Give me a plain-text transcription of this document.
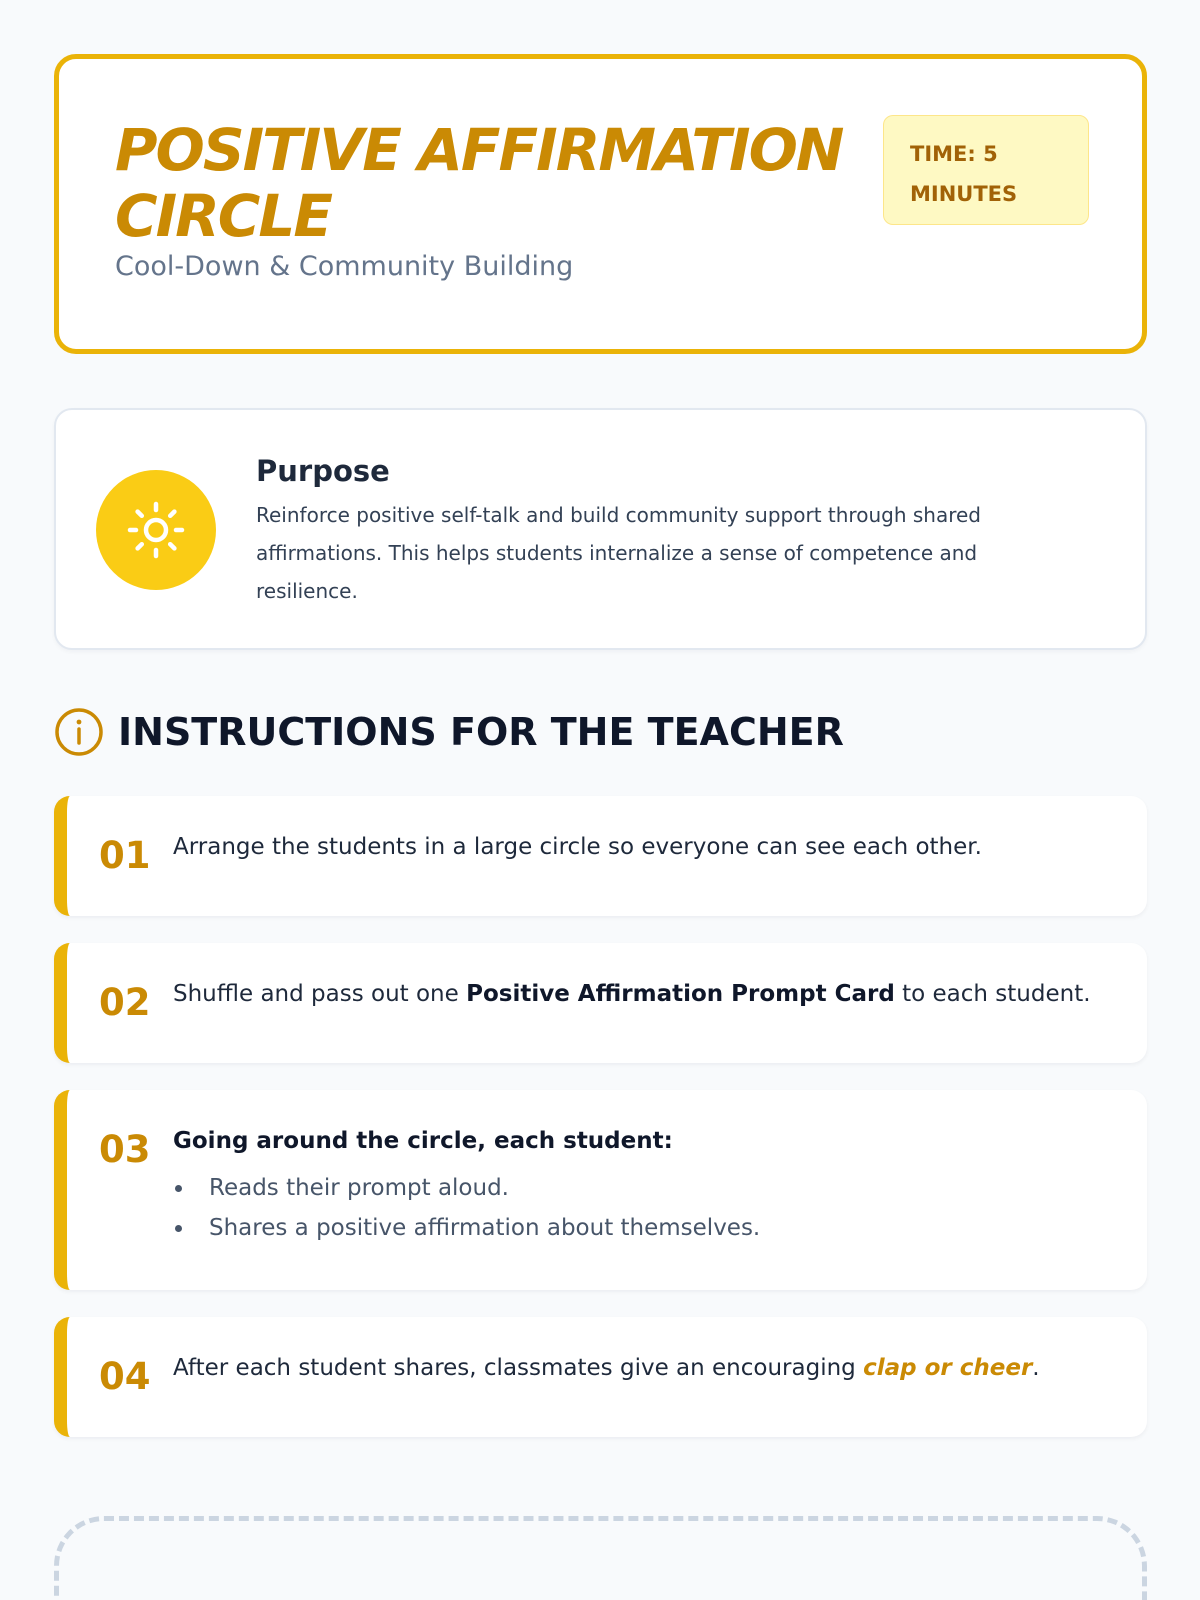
POSITIVE AFFIRMATION CIRCLE
Cool-Down & Community Building
TIME: 5 MINUTES
Purpose

Reinforce positive self-talk and build community support through shared affirmations. This helps students internalize a sense of competence and resilience.

INSTRUCTIONS FOR THE TEACHER
01 Arrange the students in a large circle so everyone can see each other.
02 Shuffle and pass out one Positive Affirmation Prompt Card to each student.
03 Going around the circle, each student:
Reads their prompt aloud.
Shares a positive affirmation about themselves.
04 After each student shares, classmates give an encouraging clap or cheer.
